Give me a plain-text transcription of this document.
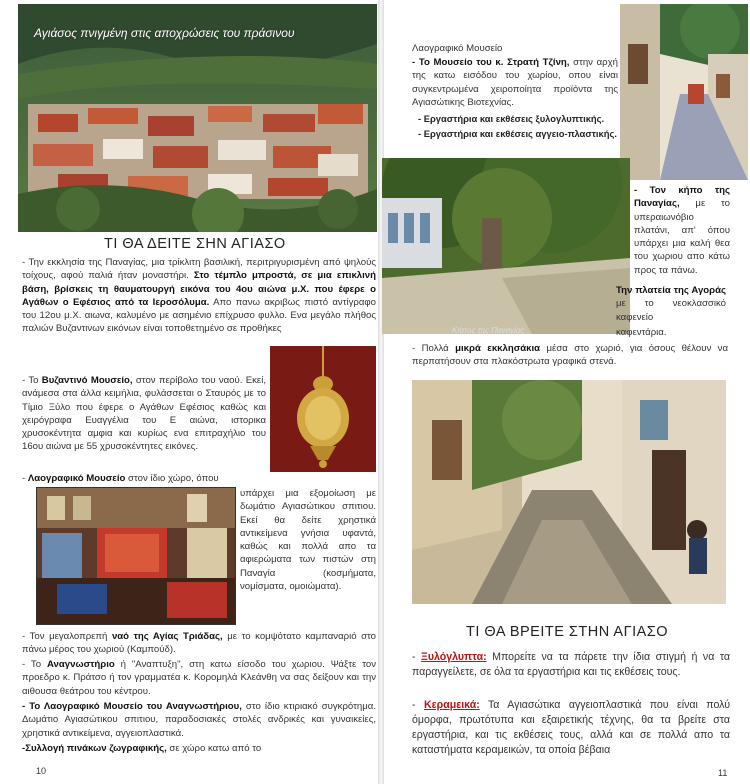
Αγιάσος πνιγμένη στις αποχρώσεις του πράσινου
ΤΙ ΘΑ ΔΕΙΤΕ ΣΗΝ ΑΓΙΑΣΟ
- Την εκκλησία της Παναγίας, μια τρίκλιτη βασιλική, περιτριγυρισμένη από ψηλούς τοίχους, αφού παλιά ήταν μοναστήρι. Στο τέμπλο μπροστά, σε μια επικλινή βάση, βρίσκεις τη θαυματουργή εικόνα του 4ου αιώνα μ.Χ. που έφερε ο Αγάθων ο Εφέσιος από τα Ιεροσόλυμα. Απο πανω ακριβως πιστό αντίγραφο του 12ου μ.Χ. αιωνα, καλυμένο με ασημένιο επίχρυσο φυλλο. Ενα μεγάλο πλήθος παλιών Βυζαντινων εικόνων είναι τοποθετημένο σε προθήκες
- Το Βυζαντινό Μουσείο, στον περίβολο του ναού. Εκεί, ανάμεσα στα άλλα κειμήλια, φυλάσσεται ο Σταυρός με το Τίμιο Ξύλο που έφερε ο Αγάθων Εφέσιος καθώς και χειρόγραφα Ευαγγέλια του Ε αιώνα, ιστορικα χρυσοκέντητα αμφια και κυρίως ενα επιτραχήλιο του 16ου αιώνα με 55 χρυσοκέντητες εικόνες.
- Λαογραφικό Μουσείο στον ίδιο χώρο, όπου
υπάρχει μια εξομοίωση με δωμάτιο Αγιασώτικου σπιτιου. Εκεί θα δείτε χρηστικά αντικείμενα γνήσια υφαντά, καθώς και πολλά απο τα αφιερώματα των πιστών στη Παναγία (κοσμήματα, νομίσματα, ομοιώματα).
- Τον μεγαλοπρεπή ναό της Αγίας Τριάδας, με το κομψότατο καμπαναριό στο πάνω μέρος του χωριού (Καμπούδ).
- Το Αναγνωστήριο ή "Αναπτυξη", στη κατω είσοδο του χωριου. Ψάξτε τον προεδρο κ. Πράτσο ή τον γραμματέα κ. Κορομηλά Κλεάνθη να σας δείξουν και την αιθουσα θεάτρου του κέντρου.
- Το Λαογραφικό Μουσείο του Αναγνωστήριου, στο ίδιο κτιριακό συγκρότημα. Δωμάτιο Αγιασώτικου σπιτιου, παραδοσιακές στολές ανδρικές και γυναικείες, χρηστικά αντικείμενα, αγγειοπλαστικά.
-Συλλογή πινάκων ζωγραφικής, σε χώρο κατω από το
10
Λαογραφικό Μουσείο
- Το Μουσείο του κ. Στρατή Τζίνη, στην αρχή της κατω εισόδου του χωρίου, οπου είναι συγκεντρωμένα χειροποίητα προϊόντα της Αγιασώτικης Βιοτεχνίας.
- Εργαστήρια και εκθέσεις ξυλογλυπτικής.
- Εργαστήρια και εκθέσεις αγγειο-πλαστικής.
Κήπος της Παναγίας
- Τον κήπο της Παναγίας, με το υπεραιωνόβιο πλατάνι, απ' όπου υπάρχει μια καλή θεα του χωριου απο κάτω προς τα πάνω.
Την πλατεία της Αγοράς με το νεοκλασσικό καφενείο
καφεντάρια.
- Πολλά μικρά εκκλησάκια μέσα στο χωριό, για όσους θέλουν να περπατήσουν στα πλακόστρωτα γραφικά στενά.
ΤΙ ΘΑ ΒΡΕΙΤΕ ΣΤΗΝ ΑΓΙΑΣΟ
- Ξυλόγλυπτα: Μπορείτε να τα πάρετε την ίδια στιγμή ή να τα παραγγείλετε, σε όλα τα εργαστήρια και τις εκθέσεις τους.
- Κεραμεικά: Τα Αγιασώτικα αγγειοπλαστικά που είναι πολύ όμορφα, πρωτότυπα και εξαιρετικής τέχνης, θα τα βρείτε στα εργαστήρια, και τις εκθέσεις τους, αλλά και σε πολλά απο τα καταστήματα κεραμεικών, τα οποία βέβαια
11
